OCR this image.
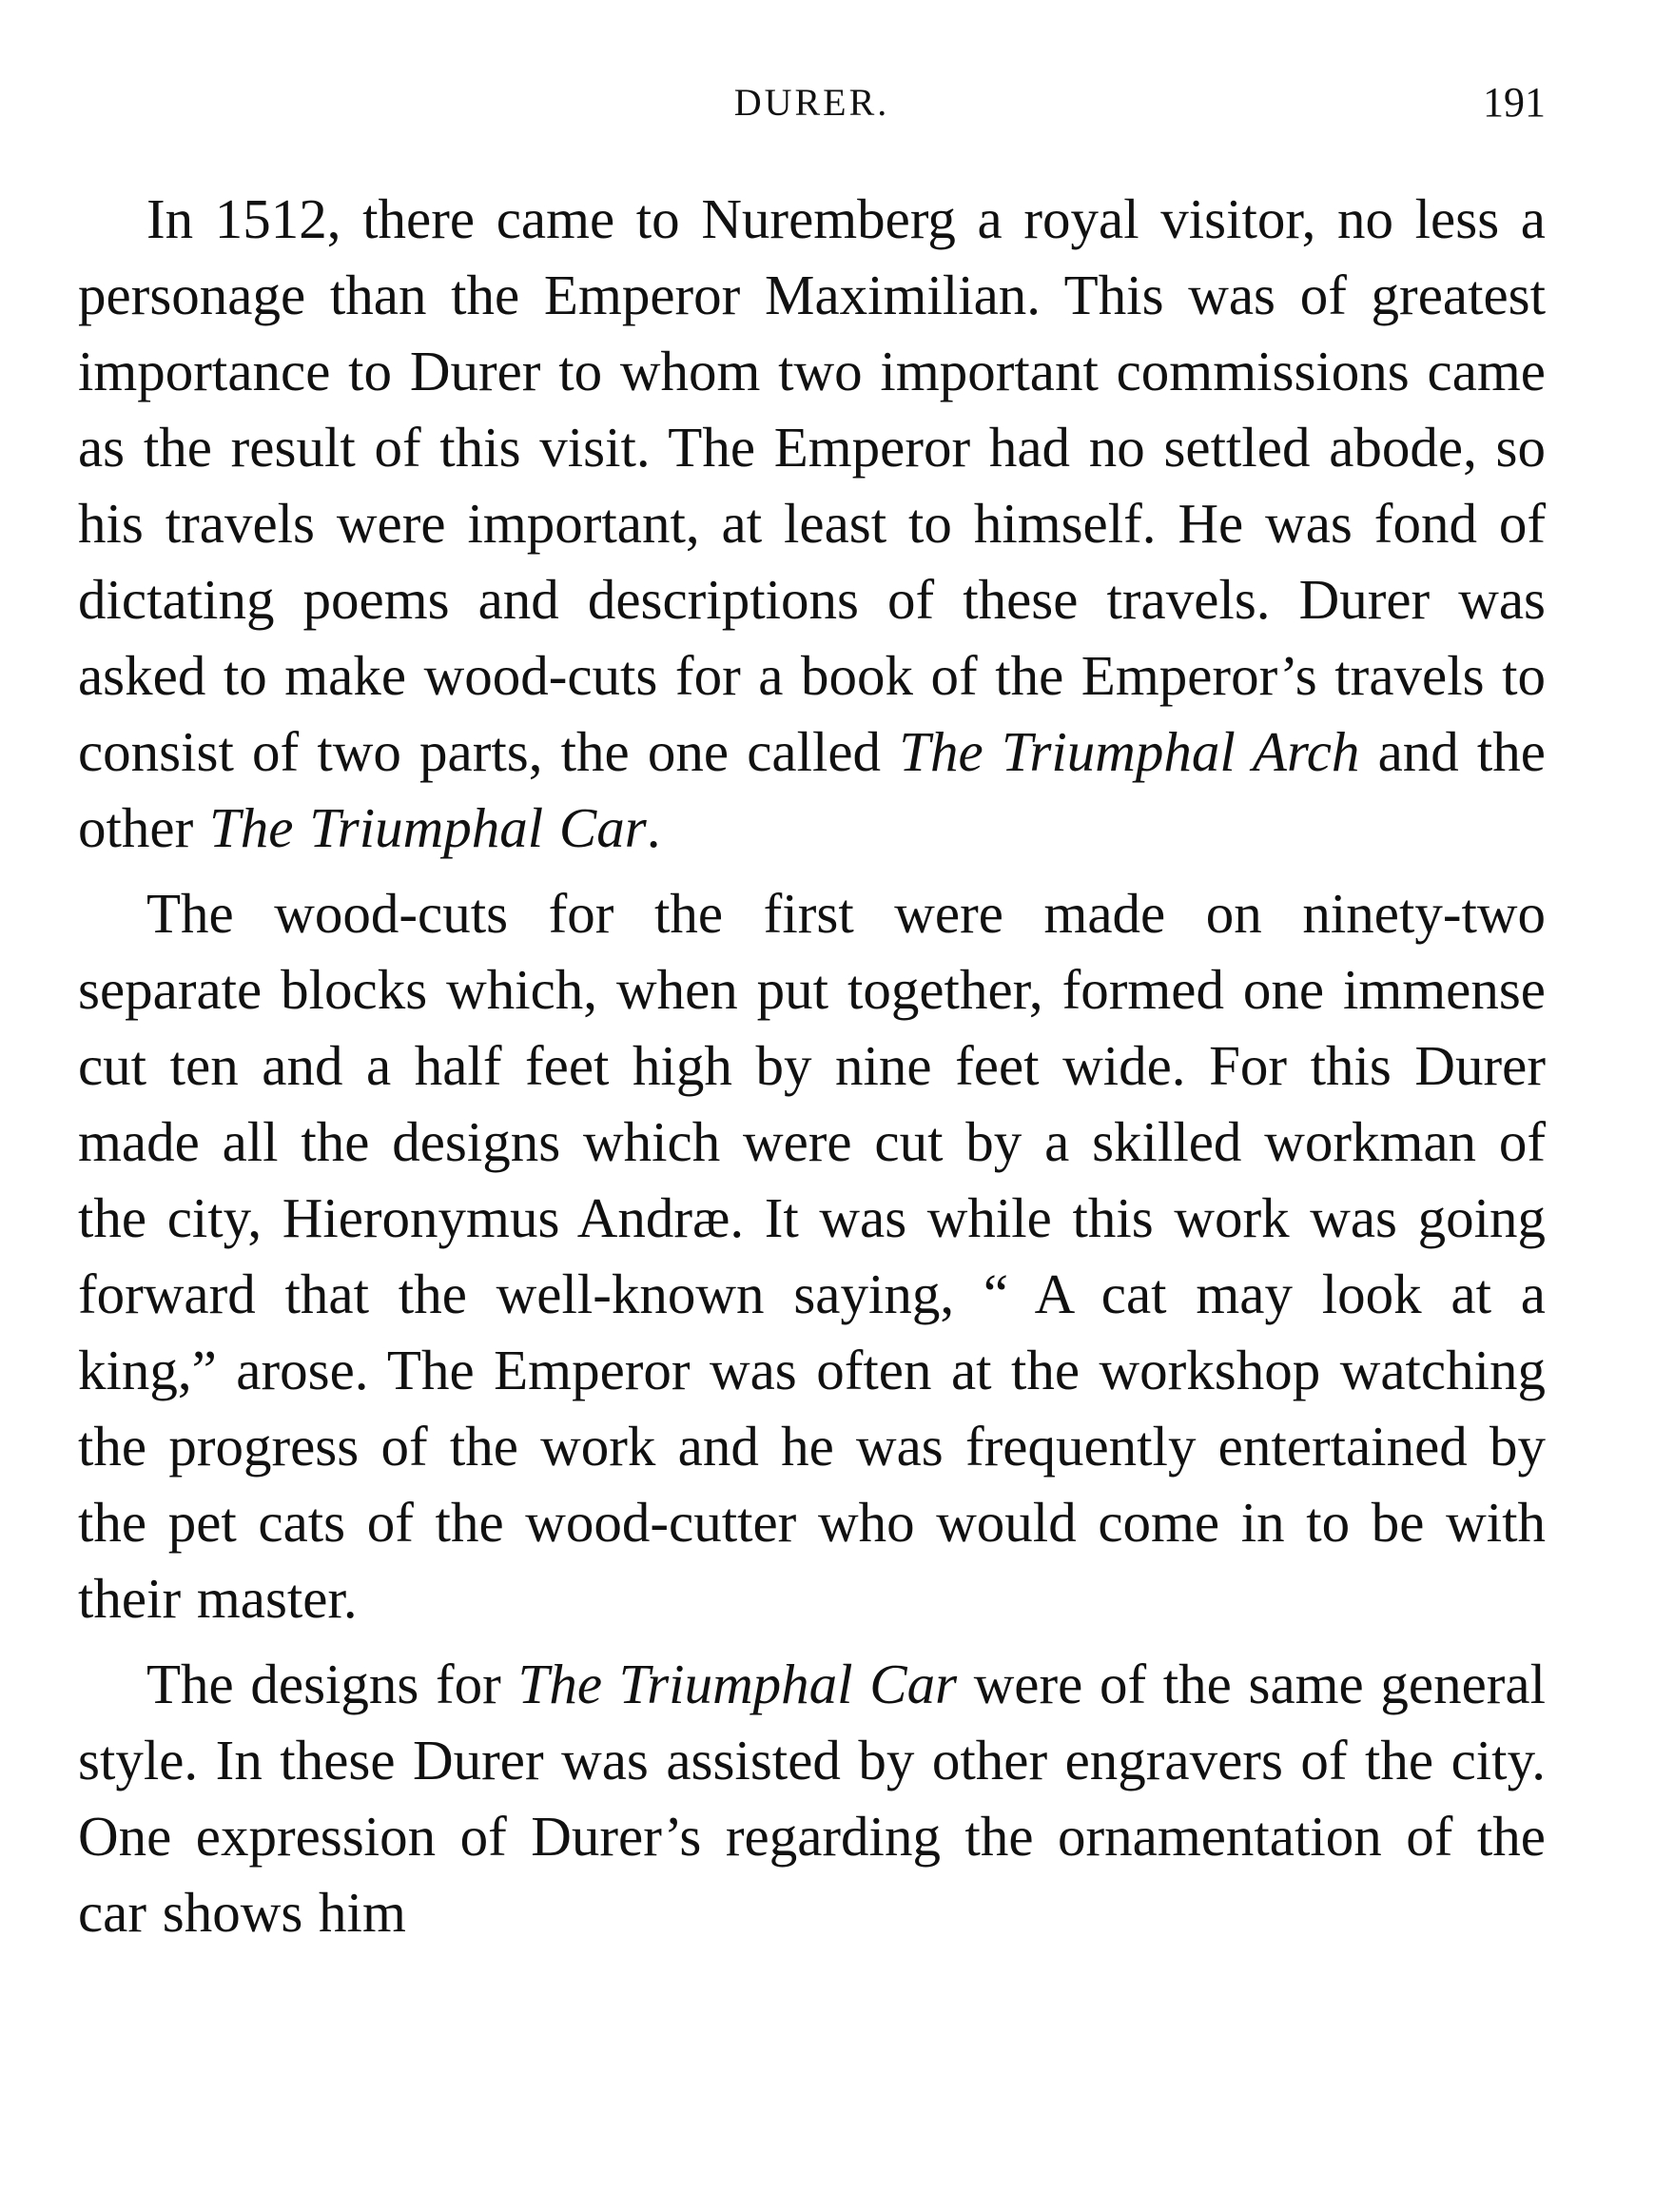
DURER.	191

In 1512, there came to Nuremberg a royal visitor, no less a personage than the Emperor Maximilian. This was of greatest importance to Durer to whom two important commissions came as the result of this visit. The Emperor had no settled abode, so his travels were important, at least to himself. He was fond of dictating poems and descriptions of these travels. Durer was asked to make wood-cuts for a book of the Emperor’s travels to consist of two parts, the one called The Triumphal Arch and the other The Triumphal Car.

The wood-cuts for the first were made on ninety-two separate blocks which, when put together, formed one immense cut ten and a half feet high by nine feet wide. For this Durer made all the designs which were cut by a skilled workman of the city, Hieronymus Andræ. It was while this work was going forward that the well-known saying, “ A cat may look at a king,” arose. The Emperor was often at the workshop watching the progress of the work and he was frequently entertained by the pet cats of the wood-cutter who would come in to be with their master.

The designs for The Triumphal Car were of the same general style. In these Durer was assisted by other engravers of the city. One expression of Durer’s regarding the ornamentation of the car shows him
